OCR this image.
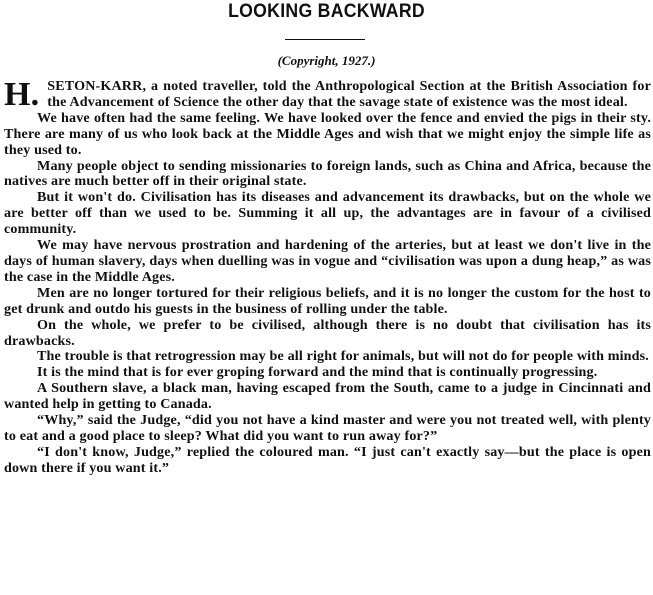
LOOKING BACKWARD
(Copyright, 1927.)

H. SETON-KARR, a noted traveller, told the Anthropological Section at the British Association for the Advancement of Science the other day that the savage state of existence was the most ideal.

We have often had the same feeling. We have looked over the fence and envied the pigs in their sty. There are many of us who look back at the Middle Ages and wish that we might enjoy the simple life as they used to.

Many people object to sending missionaries to foreign lands, such as China and Africa, because the natives are much better off in their original state.

But it won't do. Civilisation has its diseases and advancement its drawbacks, but on the whole we are better off than we used to be. Summing it all up, the advantages are in favour of a civilised community.

We may have nervous prostration and hardening of the arteries, but at least we don't live in the days of human slavery, days when duelling was in vogue and “civilisation was upon a dung heap,” as was the case in the Middle Ages.

Men are no longer tortured for their religious beliefs, and it is no longer the custom for the host to get drunk and outdo his guests in the business of rolling under the table.

On the whole, we prefer to be civilised, although there is no doubt that civilisation has its drawbacks.

The trouble is that retrogression may be all right for animals, but will not do for people with minds.

It is the mind that is for ever groping forward and the mind that is continually progressing.

A Southern slave, a black man, having escaped from the South, came to a judge in Cincinnati and wanted help in getting to Canada.

“Why,” said the Judge, “did you not have a kind master and were you not treated well, with plenty to eat and a good place to sleep? What did you want to run away for?”

“I don't know, Judge,” replied the coloured man. “I just can't exactly say—but the place is open down there if you want it.”
